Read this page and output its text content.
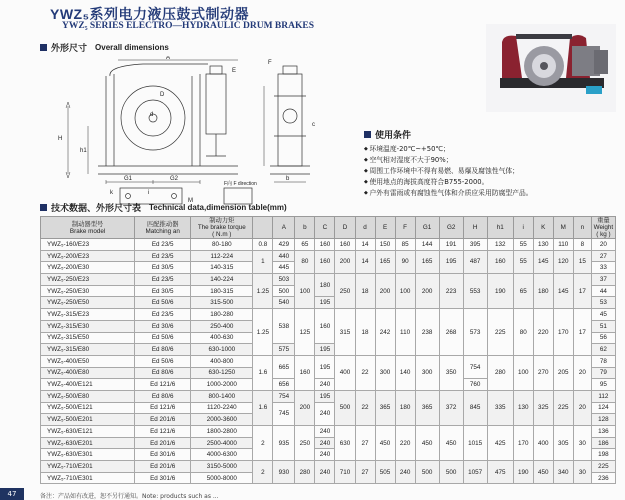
YWZ₅系列电力液压鼓式制动器
YWZ₅ SERIES ELECTRO—HYDRAULIC DRUM BRAKES
外形尺寸 Overall dimensions
A
E
F
H
h1
G1	G2	b
c
d
D
k	i
M
F向 F direction
使用条件
◆ 环境温度-20℃~+50℃；
◆ 空气相对湿度不大于90%；
◆ 周围工作环境中不得有易燃、易爆及腐蚀性气体；
◆ 使用地点的海拔高度符合B755-2000。
◆ 户外有雷雨或有腐蚀性气体和介质应采用防腐型产品。
技术数据、外形尺寸表 Technical data,dimension table(mm)
制动器型号
Brake model	匹配推动器
Matching an	制动力矩
The brake torque
( N.m )		A	b	C	D	d	E	F	G1	G2	H	h1	i	K	M	n	重量
Weight
( kg )
YWZ₅-160/E23	Ed 23/5	80-180	0.8	429	65	160	160	14	150	85	144	191	395	132	55	130	110	8	20
YWZ₅-200/E23	Ed 23/5	112-224	1	440	80	160	200	14	165	90	165	195	487	160	55	145	120	15	27
YWZ₅-200/E30	Ed 30/5	140-315		445															33
YWZ₅-250/E23	Ed 23/5	140-224	1.25	503	100	180	250	18	200	100	200	223	553	190	65	180	145	17	37
YWZ₅-250/E30	Ed 30/5	180-315		500															44
YWZ₅-250/E50	Ed 50/6	315-500		540		195													53
YWZ₅-315/E23	Ed 23/5	180-280	1.25	538	125	160	315	18	242	110	238	268	573	225	80	220	170	17	45
YWZ₅-315/E30	Ed 30/6	250-400																	51
YWZ₅-315/E50	Ed 50/6	400-630																	56
YWZ₅-315/E80	Ed 80/6	630-1000		575		195													62
YWZ₅-400/E50	Ed 50/6	400-800	1.6	665	160	195	400	22	300	140	300	350	754	280	100	270	205	20	78
YWZ₅-400/E80	Ed 80/6	630-1250																	79
YWZ₅-400/E121	Ed 121/6	1000-2000		656		240							760						95
YWZ₅-500/E80	Ed 80/6	800-1400	1.6	754	200	195	500	22	365	180	365	372	845	335	130	325	225	20	112
YWZ₅-500/E121	Ed 121/6	1120-2240		745		240													124
YWZ₅-500/E201	Ed 201/6	2000-3600																	128
YWZ₅-630/E121	Ed 121/6	1800-2800	2	935	250	240	630	27	450	220	450	450	1015	425	170	400	305	30	136
YWZ₅-630/E201	Ed 201/6	2500-4000				240													186
YWZ₅-630/E301	Ed 301/6	4000-6300				240													198
YWZ₅-710/E201	Ed 201/6	3150-5000	2	930	280	240	710	27	505	240	500	500	1057	475	190	450	340	30	225
YWZ₅-710/E301	Ed 301/6	5000-8000																	236
47	备注：产品如有改进，恕不另行通知。Note: products such as ...
